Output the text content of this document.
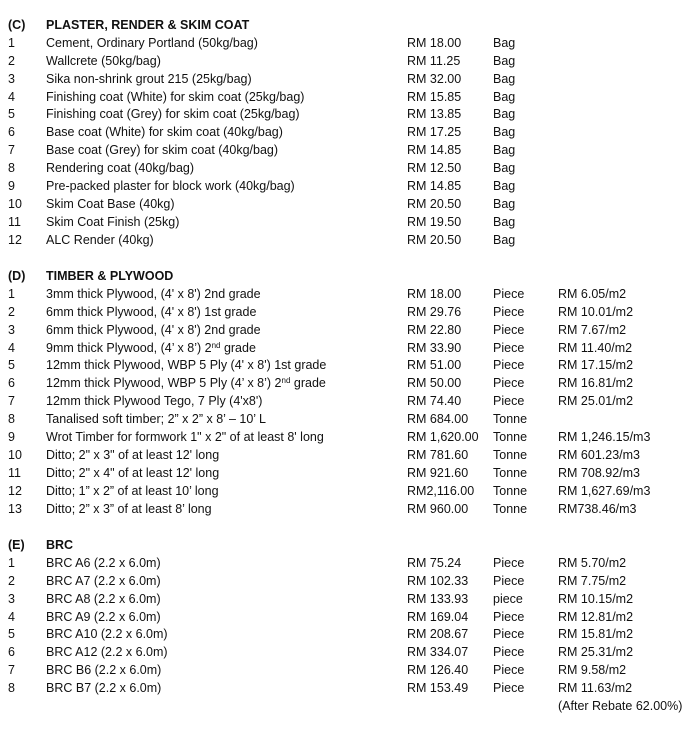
(C) PLASTER, RENDER & SKIM COAT
1 Cement, Ordinary Portland (50kg/bag)	RM 18.00	Bag
2 Wallcrete (50kg/bag)	RM 11.25	Bag
3 Sika non-shrink grout 215 (25kg/bag)	RM 32.00	Bag
4 Finishing coat (White) for skim coat (25kg/bag)	RM 15.85	Bag
5 Finishing coat (Grey) for skim coat (25kg/bag)	RM 13.85	Bag
6 Base coat (White) for skim coat (40kg/bag)	RM 17.25	Bag
7 Base coat (Grey) for skim coat (40kg/bag)	RM 14.85	Bag
8 Rendering coat (40kg/bag)	RM 12.50	Bag
9 Pre-packed plaster for block work (40kg/bag)	RM 14.85	Bag
10 Skim Coat Base (40kg)	RM 20.50	Bag
11 Skim Coat Finish (25kg)	RM 19.50	Bag
12 ALC Render (40kg)	RM 20.50	Bag
(D) TIMBER & PLYWOOD
1 3mm thick Plywood, (4' x 8') 2nd grade	RM 18.00	Piece	RM 6.05/m2
2 6mm thick Plywood, (4' x 8') 1st grade	RM 29.76	Piece	RM 10.01/m2
3 6mm thick Plywood, (4' x 8') 2nd grade	RM 22.80	Piece	RM 7.67/m2
4 9mm thick Plywood, (4’ x 8’) 2nd grade	RM 33.90	Piece	RM 11.40/m2
5 12mm thick Plywood, WBP 5 Ply (4' x 8') 1st grade	RM 51.00	Piece	RM 17.15/m2
6 12mm thick Plywood, WBP 5 Ply (4’ x 8’) 2nd grade	RM 50.00	Piece	RM 16.81/m2
7 12mm thick Plywood Tego, 7 Ply (4'x8')	RM 74.40	Piece	RM 25.01/m2
8 Tanalised soft timber; 2” x 2” x 8’ – 10’ L	RM 684.00 Tonne
9 Wrot Timber for formwork 1" x 2" of at least 8' long	RM 1,620.00 Tonne RM 1,246.15/m3
10 Ditto; 2" x 3" of at least 12' long	RM 781.60 Tonne RM 601.23/m3
11 Ditto; 2" x 4" of at least 12' long	RM 921.60 Tonne RM 708.92/m3
12 Ditto; 1” x 2” of at least 10’ long	RM2,116.00 Tonne RM 1,627.69/m3
13 Ditto; 2” x 3” of at least 8’ long	RM 960.00 Tonne RM738.46/m3
(E) BRC
1 BRC A6 (2.2 x 6.0m)	RM 75.24	Piece	RM 5.70/m2
2 BRC A7 (2.2 x 6.0m)	RM 102.33 Piece	RM 7.75/m2
3 BRC A8 (2.2 x 6.0m)	RM 133.93 piece	RM 10.15/m2
4 BRC A9 (2.2 x 6.0m)	RM 169.04 Piece	RM 12.81/m2
5 BRC A10 (2.2 x 6.0m)	RM 208.67 Piece	RM 15.81/m2
6 BRC A12 (2.2 x 6.0m)	RM 334.07 Piece	RM 25.31/m2
7 BRC B6 (2.2 x 6.0m)	RM 126.40 Piece	RM 9.58/m2
8 BRC B7 (2.2 x 6.0m)	RM 153.49 Piece	RM 11.63/m2
(After Rebate 62.00%)
